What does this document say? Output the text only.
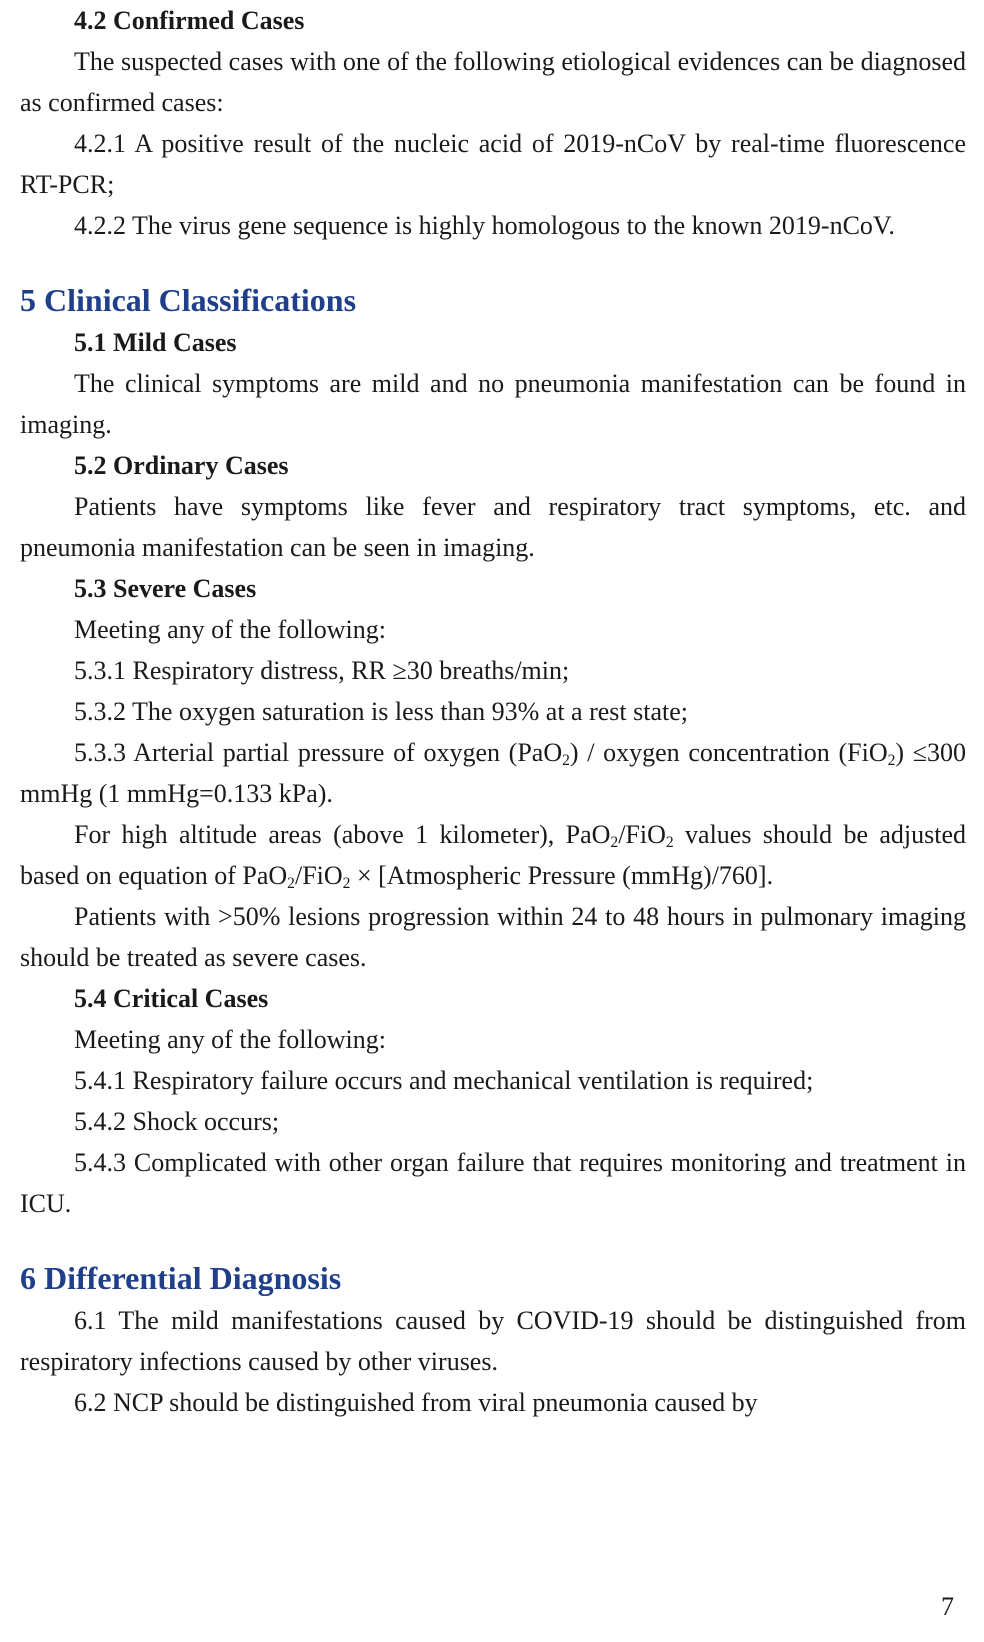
4.2 Confirmed Cases

The suspected cases with one of the following etiological evidences can be diagnosed as confirmed cases:

4.2.1 A positive result of the nucleic acid of 2019-nCoV by real-time fluorescence RT-PCR;

4.2.2 The virus gene sequence is highly homologous to the known 2019-nCoV.

5 Clinical Classifications

5.1 Mild Cases

The clinical symptoms are mild and no pneumonia manifestation can be found in imaging.

5.2 Ordinary Cases

Patients have symptoms like fever and respiratory tract symptoms, etc. and pneumonia manifestation can be seen in imaging.

5.3 Severe Cases

Meeting any of the following:

5.3.1 Respiratory distress, RR ≥30 breaths/min;

5.3.2 The oxygen saturation is less than 93% at a rest state;

5.3.3 Arterial partial pressure of oxygen (PaO$_2$) / oxygen concentration (FiO$_2$) ≤300 mmHg (1 mmHg=0.133 kPa).

For high altitude areas (above 1 kilometer), PaO$_2$/FiO$_2$ values should be adjusted based on equation of PaO$_2$/FiO$_2$ × [Atmospheric Pressure (mmHg)/760].

Patients with >50% lesions progression within 24 to 48 hours in pulmonary imaging should be treated as severe cases.

5.4 Critical Cases

Meeting any of the following:

5.4.1 Respiratory failure occurs and mechanical ventilation is required;

5.4.2 Shock occurs;

5.4.3 Complicated with other organ failure that requires monitoring and treatment in ICU.

6 Differential Diagnosis

6.1 The mild manifestations caused by COVID-19 should be distinguished from respiratory infections caused by other viruses.

6.2 NCP should be distinguished from viral pneumonia caused by

7
